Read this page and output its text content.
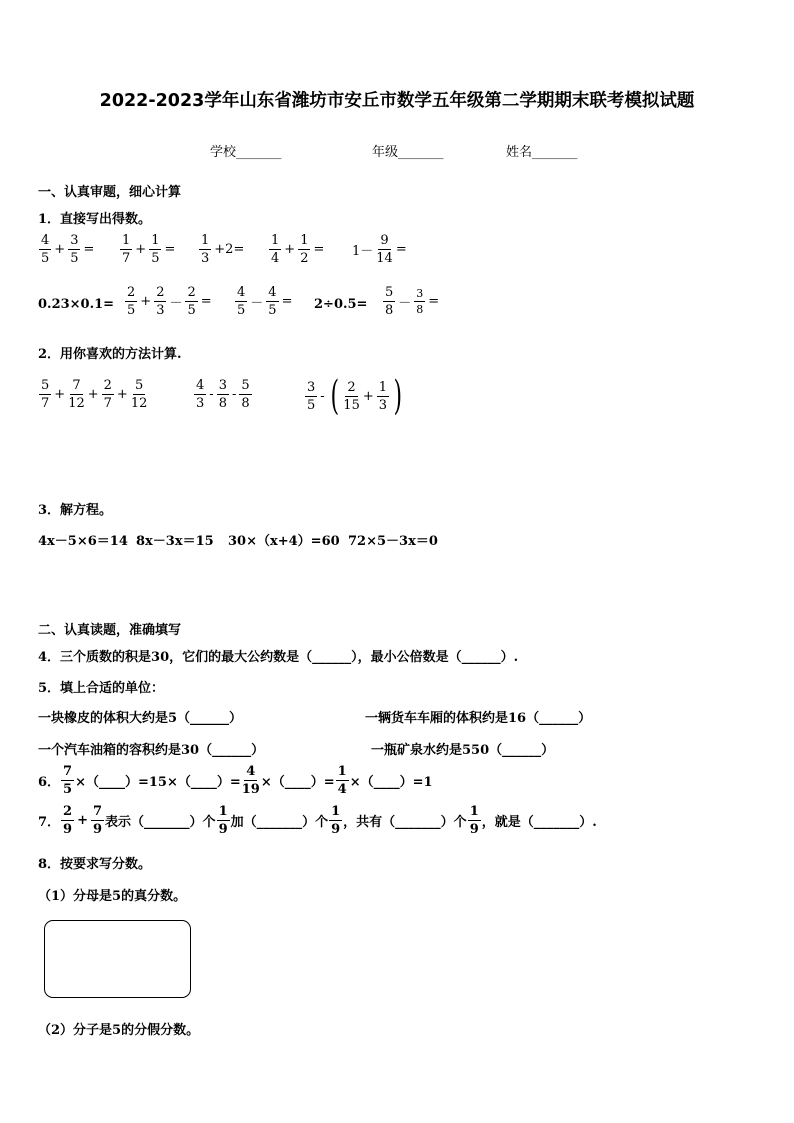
2022-2023学年山东省潍坊市安丘市数学五年级第二学期期末联考模拟试题
学校_______	年级_______	姓名_______
一、认真审题，细心计算
1．直接写出得数。
$\frac{4}{5} + \frac{3}{5} = \frac{1}{7} + \frac{1}{5} = \frac{1}{3} +2= \frac{1}{4} + \frac{1}{2} = 1- \frac{9}{14}$ =
$0.23\times 0.1= \frac{2}{5} + \frac{2}{3} - \frac{2}{5} = \frac{4}{5} - \frac{4}{5} = 2\div 0.5= \frac{5}{8} - \frac{3}{8}$ =
2．用你喜欢的方法计算.
$\frac{5}{7} + \frac{7}{12} + \frac{2}{7} + \frac{5}{12}$	$\frac{4}{3} - \frac{3}{8} - \frac{5}{8}$	$\frac{3}{5}$ - ( $\frac{2}{15} + \frac{1}{3}$ )
3．解方程。
4x－5×6＝14 8x－3x＝15 30×（x+4）=60 72×5－3x＝0
二、认真读题，准确填写
4．三个质数的积是30，它们的最大公约数是（______），最小公倍数是（______）.
5．填上合适的单位：
一块橡皮的体积大约是5（______）	一辆货车车厢的体积约是16（______）
一个汽车油箱的容积约是30（______）	一瓶矿泉水约是550（______）
6． $\frac{7}{5}$ ×（____）=15×（____）= $\frac{4}{19}$ ×（____）= $\frac{1}{4}$ ×（____）=1
7． $\frac{2}{9} + \frac{7}{9}$ 表示（_______）个 $\frac{1}{9}$ 加（_______）个 $\frac{1}{9}$ ，共有（_______）个 $\frac{1}{9}$ ，就是（_______）.
8．按要求写分数。
（1）分母是5的真分数。
（2）分子是5的分假分数。
